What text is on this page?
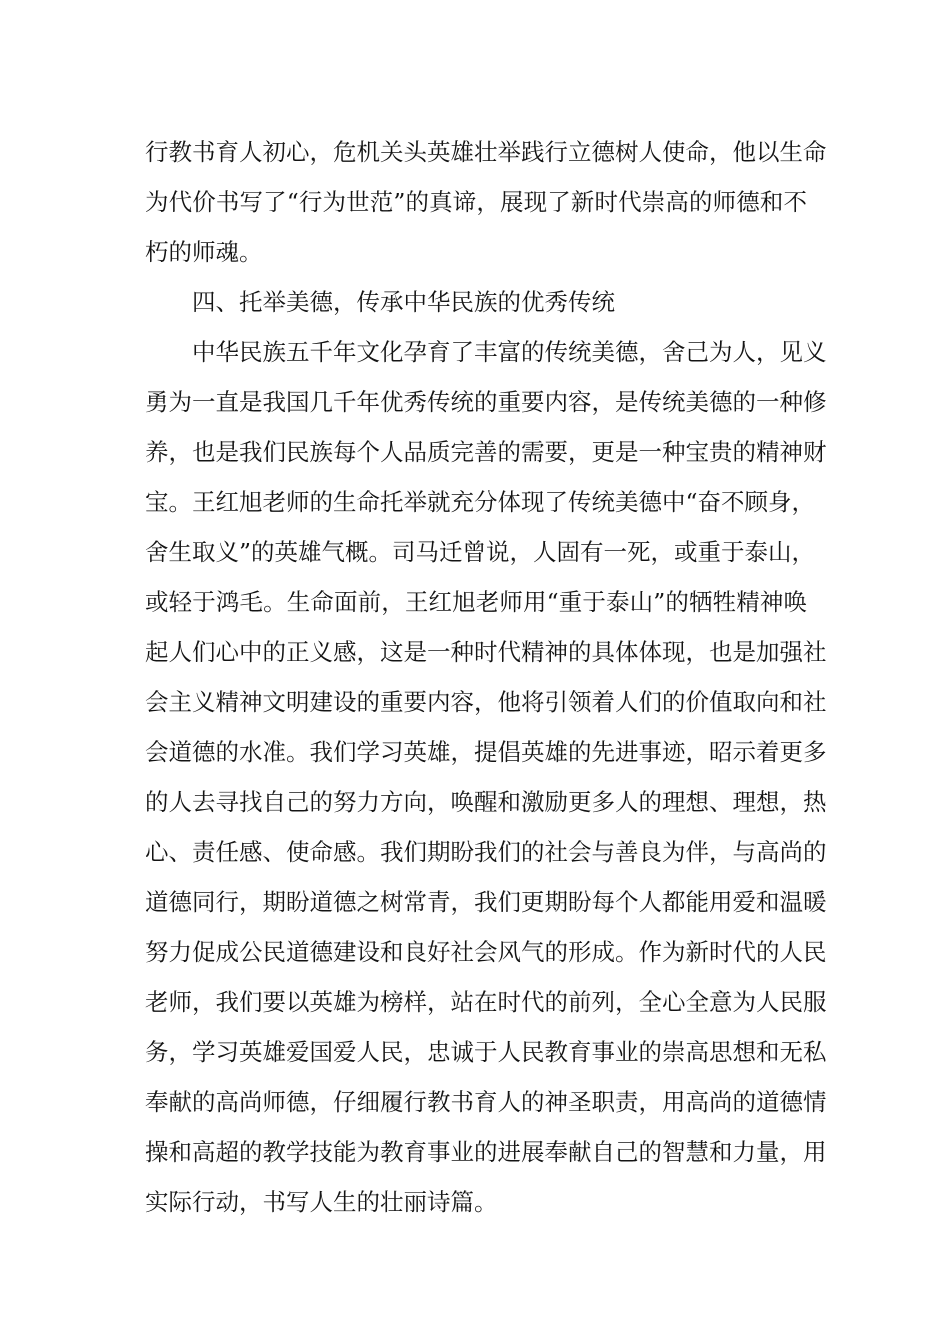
行教书育人初心，危机关头英雄壮举践行立德树人使命，他以生命

为代价书写了“行为世范”的真谛，展现了新时代崇高的师德和不

朽的师魂。

四、托举美德，传承中华民族的优秀传统

中华民族五千年文化孕育了丰富的传统美德，舍己为人，见义

勇为一直是我国几千年优秀传统的重要内容，是传统美德的一种修

养，也是我们民族每个人品质完善的需要，更是一种宝贵的精神财

宝。王红旭老师的生命托举就充分体现了传统美德中“奋不顾身，

舍生取义”的英雄气概。司马迁曾说，人固有一死，或重于泰山，

或轻于鸿毛。生命面前，王红旭老师用“重于泰山”的牺牲精神唤

起人们心中的正义感，这是一种时代精神的具体体现，也是加强社

会主义精神文明建设的重要内容，他将引领着人们的价值取向和社

会道德的水准。我们学习英雄，提倡英雄的先进事迹，昭示着更多

的人去寻找自己的努力方向，唤醒和激励更多人的理想、理想，热

心、责任感、使命感。我们期盼我们的社会与善良为伴，与高尚的

道德同行，期盼道德之树常青，我们更期盼每个人都能用爱和温暖

努力促成公民道德建设和良好社会风气的形成。作为新时代的人民

老师，我们要以英雄为榜样，站在时代的前列，全心全意为人民服

务，学习英雄爱国爱人民，忠诚于人民教育事业的崇高思想和无私

奉献的高尚师德，仔细履行教书育人的神圣职责，用高尚的道德情

操和高超的教学技能为教育事业的进展奉献自己的智慧和力量，用

实际行动，书写人生的壮丽诗篇。
